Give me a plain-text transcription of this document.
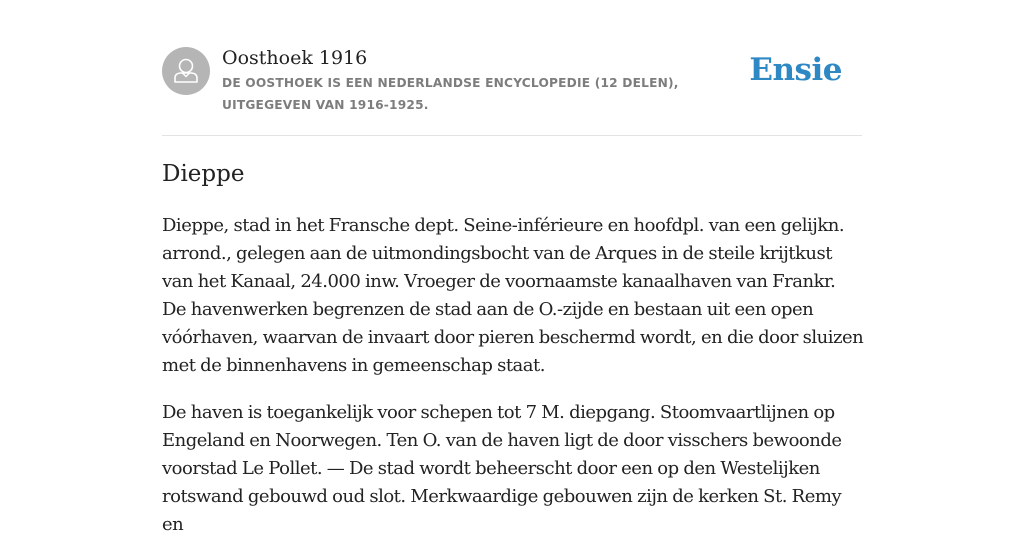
Oosthoek 1916

DE OOSTHOEK IS EEN NEDERLANDSE ENCYCLOPEDIE (12 DELEN), UITGEGEVEN VAN 1916-1925.

Ensie
Dieppe

Dieppe, stad in het Fransche dept. Seine-inférieure en hoofdpl. van een gelijkn. arrond., gelegen aan de uitmondingsbocht van de Arques in de steile krijtkust van het Kanaal, 24.000 inw. Vroeger de voornaamste kanaalhaven van Frankr. De havenwerken begrenzen de stad aan de O.-zijde en bestaan uit een open vóórhaven, waarvan de invaart door pieren beschermd wordt, en die door sluizen met de binnenhavens in gemeenschap staat.

De haven is toegankelijk voor schepen tot 7 M. diepgang. Stoomvaartlijnen op Engeland en Noorwegen. Ten O. van de haven ligt de door visschers bewoonde voorstad Le Pollet. — De stad wordt beheerscht door een op den Westelijken rotswand gebouwd oud slot. Merkwaardige gebouwen zijn de kerken St. Remy en
